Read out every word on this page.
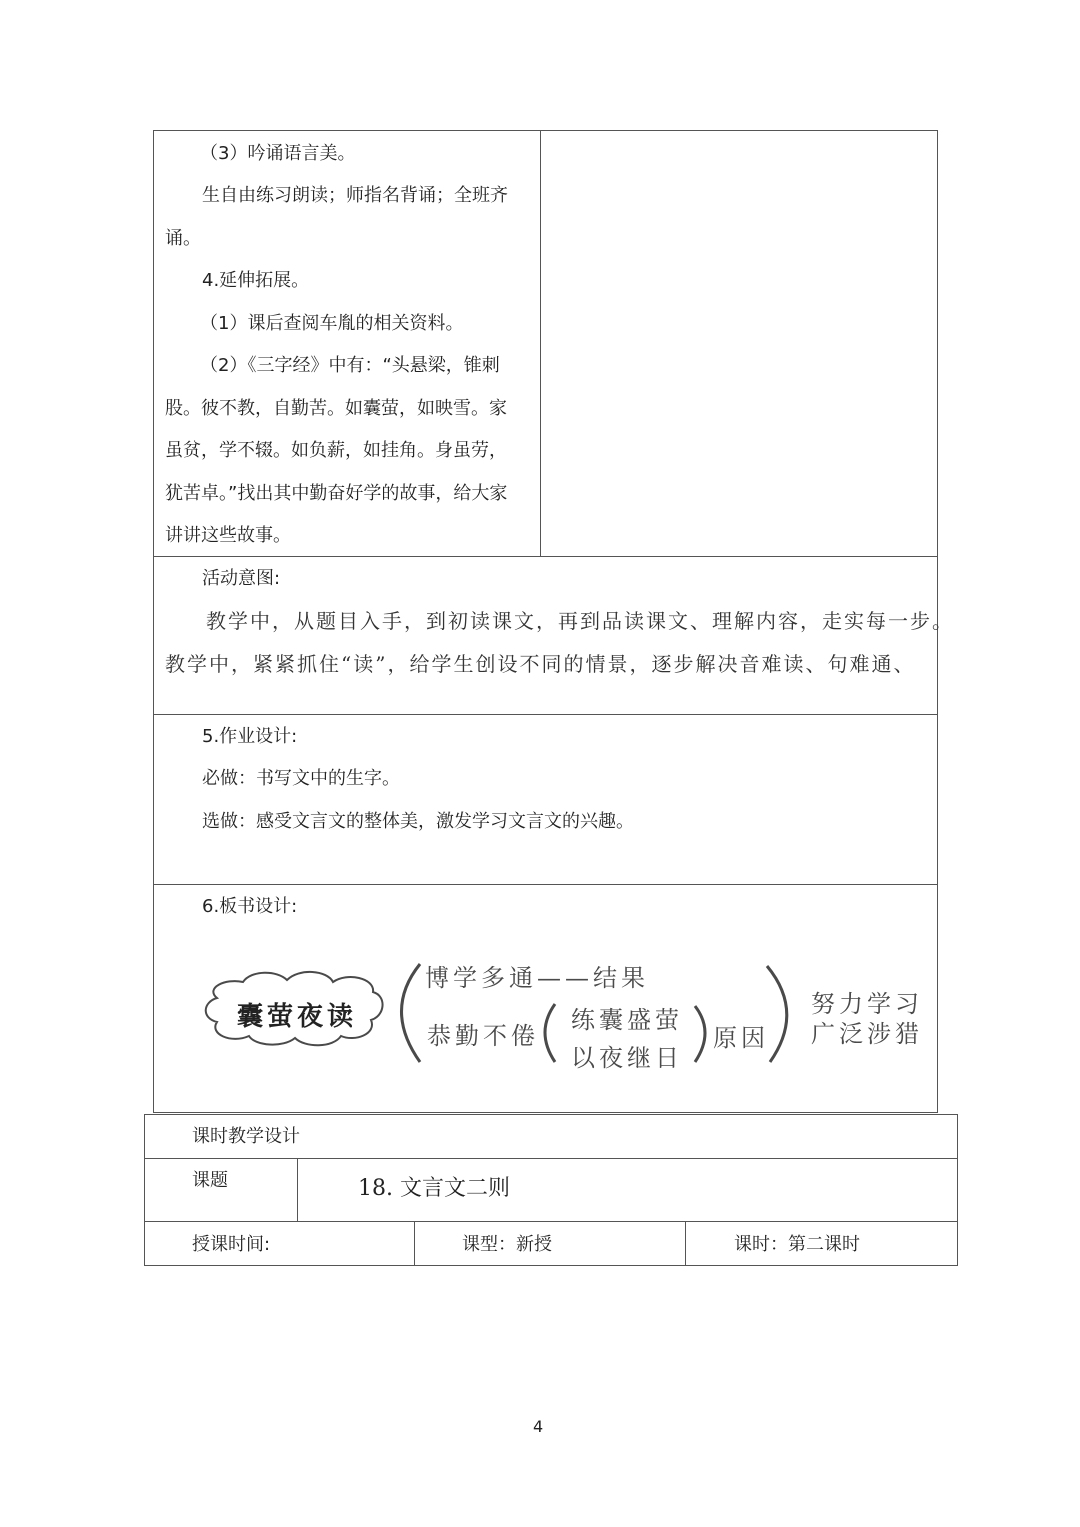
（3）吟诵语言美。
生自由练习朗读；师指名背诵；全班齐
诵。
4.延伸拓展。
（1）课后查阅车胤的相关资料。
（2）《三字经》中有：“头悬梁，锥刺
股。彼不教，自勤苦。如囊萤，如映雪。家
虽贫，学不辍。如负薪，如挂角。身虽劳，
犹苦卓。”找出其中勤奋好学的故事，给大家
讲讲这些故事。
活动意图:
教学中，从题目入手，到初读课文，再到品读课文、理解内容，走实每一步。
教学中，紧紧抓住“读”，给学生创设不同的情景，逐步解决音难读、句难通、
5.作业设计:
必做：书写文中的生字。
选做：感受文言文的整体美，激发学习文言文的兴趣。
6.板书设计:
囊萤夜读
博学多通——结果
恭勤不倦
练囊盛萤
以夜继日
原因
努力学习
广泛涉猎
课时教学设计
课题	18. 文言文二则
授课时间:	课型：新授	课时：第二课时
4
